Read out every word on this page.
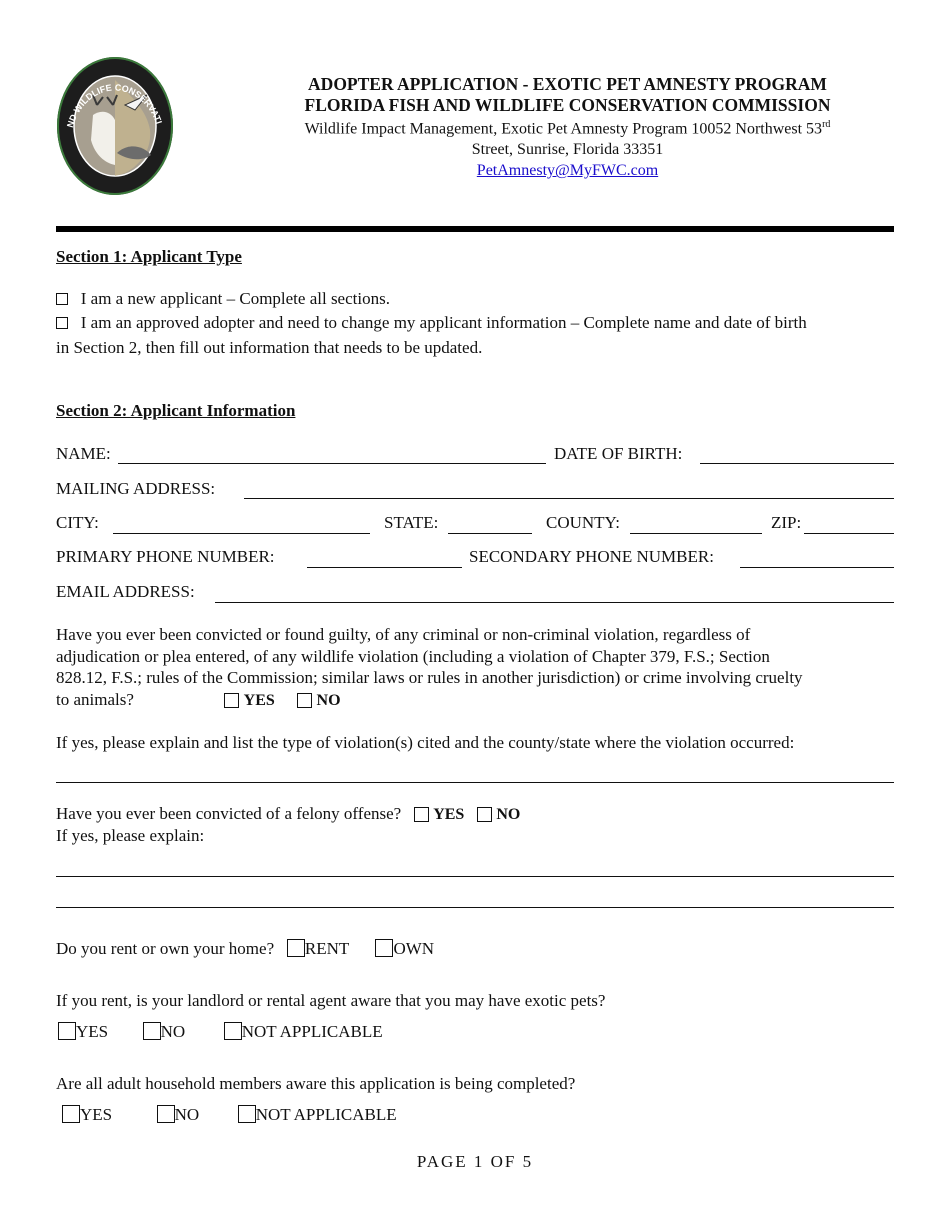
ND WILDLIFE CONSERVATI
ADOPTER APPLICATION - EXOTIC PET AMNESTY PROGRAM
FLORIDA FISH AND WILDLIFE CONSERVATION COMMISSION
Wildlife Impact Management, Exotic Pet Amnesty Program 10052 Northwest 53rd
Street, Sunrise, Florida 33351
PetAmnesty@MyFWC.com
Section 1: Applicant Type
I am a new applicant – Complete all sections.
I am an approved adopter and need to change my applicant information – Complete name and date of birth
in Section 2, then fill out information that needs to be updated.
Section 2: Applicant Information
NAME:	DATE OF BIRTH:
MAILING ADDRESS:
CITY:	STATE:	COUNTY:	ZIP:
PRIMARY PHONE NUMBER:	SECONDARY PHONE NUMBER:
EMAIL ADDRESS:
Have you ever been convicted or found guilty, of any criminal or non-criminal violation, regardless of
adjudication or plea entered, of any wildlife violation (including a violation of Chapter 379, F.S.; Section
828.12, F.S.; rules of the Commission; similar laws or rules in another jurisdiction) or crime involving cruelty
to animals?	YES	NO
If yes, please explain and list the type of violation(s) cited and the county/state where the violation occurred:
Have you ever been convicted of a felony offense? YES NO
If yes, please explain:
Do you rent or own your home? RENT	OWN
If you rent, is your landlord or rental agent aware that you may have exotic pets?
YES	NO	NOT APPLICABLE
Are all adult household members aware this application is being completed?
YES	NO	NOT APPLICABLE
PAGE 1 OF 5
